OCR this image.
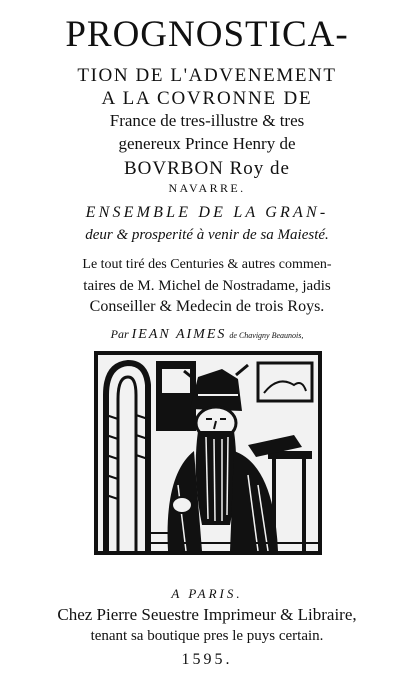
PROGNOSTICA-

TION DE L'ADVENEMENT

A LA COVRONNE DE

France de tres-illustre & tres

genereux Prince Henry de

BOVRBON Roy de

NAVARRE.

ENSEMBLE DE LA GRAN-

deur & prosperité à venir de sa Maiesté.

Le tout tiré des Centuries & autres commen-

taires de M. Michel de Nostradame, jadis

Conseiller & Medecin de trois Roys.

Par IEAN AIMES de Chavigny Beaunois,

A PARIS.

Chez Pierre Seuestre Imprimeur & Libraire,

tenant sa boutique pres le puys certain.

1595.
